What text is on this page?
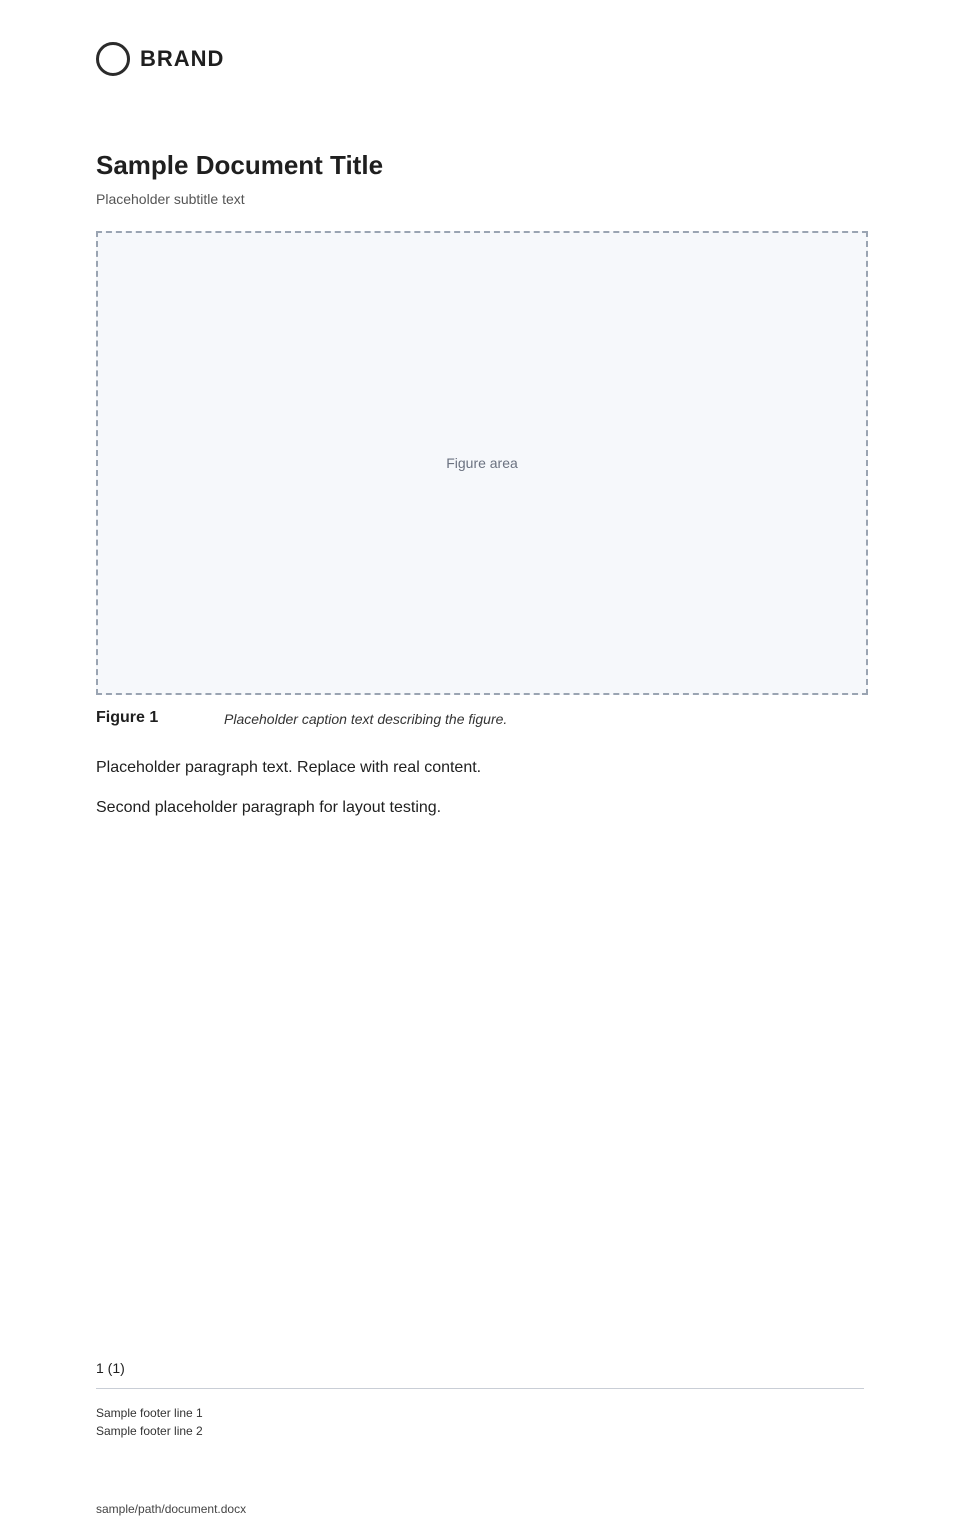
BRAND
Sample Document Title
Placeholder subtitle text
Figure area
Figure 1	Placeholder caption text describing the figure.

Placeholder paragraph text. Replace with real content.

Second placeholder paragraph for layout testing.

1 (1)
Sample footer line 1
Sample footer line 2
sample/path/document.docx
